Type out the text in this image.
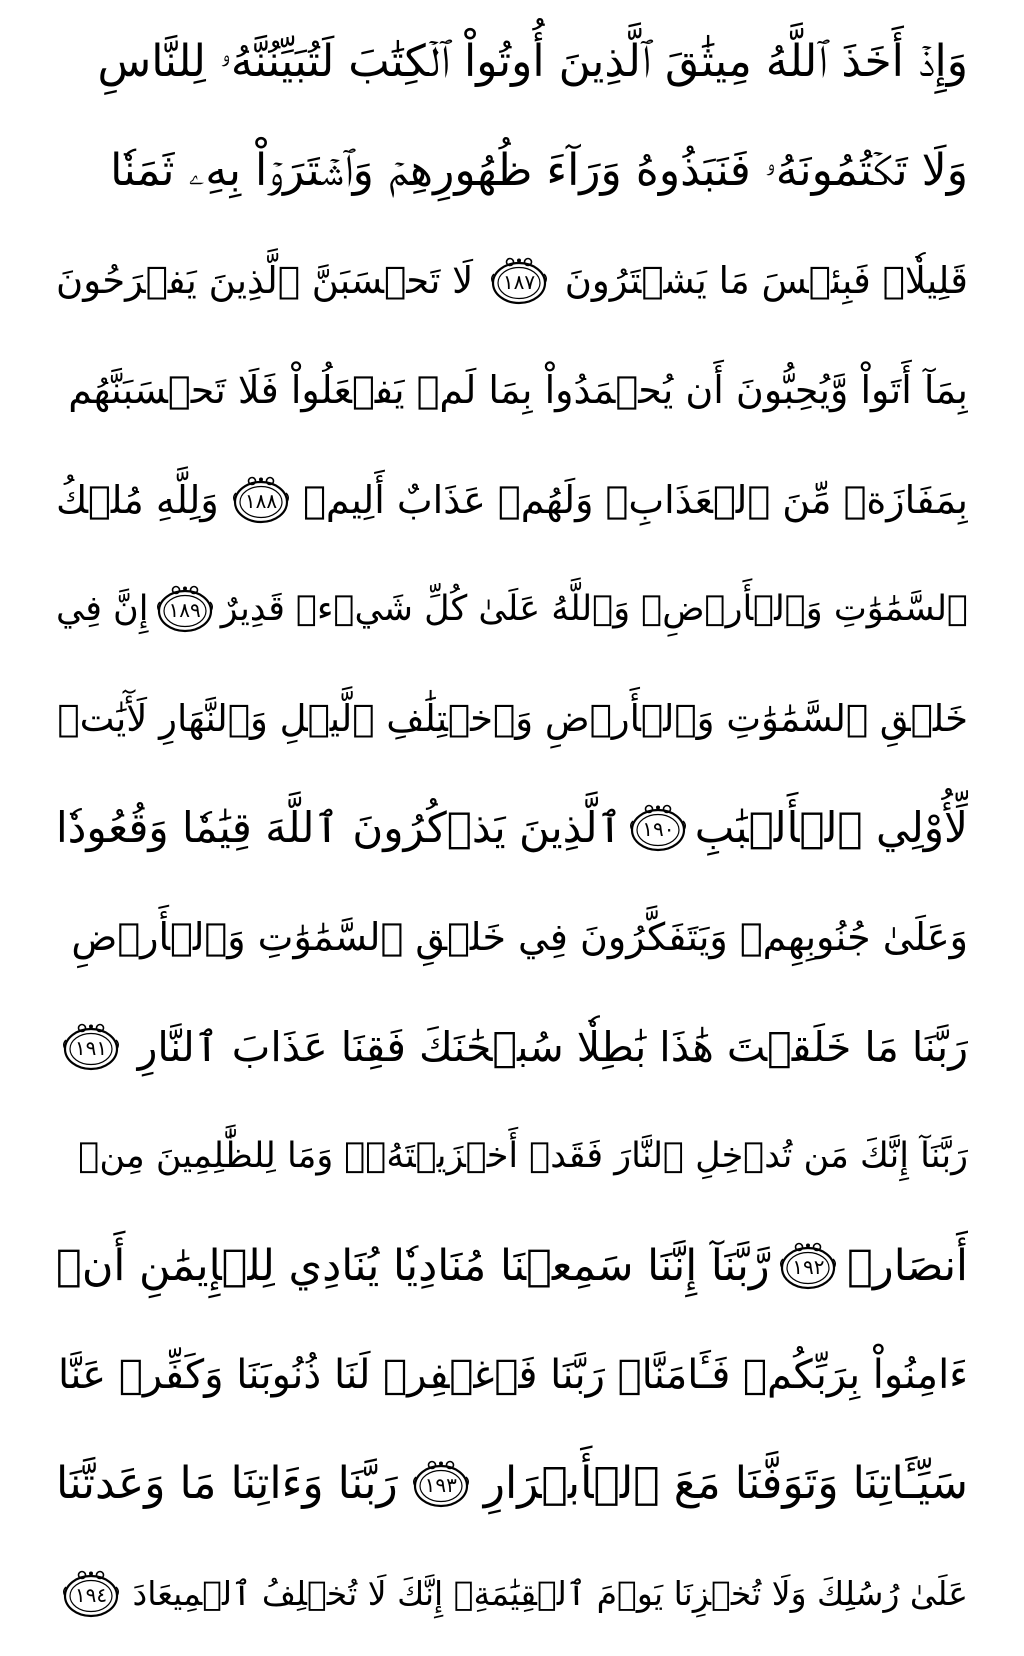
وَإِذۡ أَخَذَ ٱللَّهُ مِيثَٰقَ ٱلَّذِينَ أُوتُواْ ٱلۡكِتَٰبَ لَتُبَيِّنُنَّهُۥ لِلنَّاسِ
وَلَا تَكۡتُمُونَهُۥ فَنَبَذُوهُ وَرَآءَ ظُهُورِهِمۡ وَٱشۡتَرَوۡاْ بِهِۦ ثَمَنٗا
قَلِيلٗاۖ فَبِئۡسَ مَا يَشۡتَرُونَ
١٨٧
لَا تَحۡسَبَنَّ ٱلَّذِينَ يَفۡرَحُونَ
بِمَآ أَتَواْ وَّيُحِبُّونَ أَن يُحۡمَدُواْ بِمَا لَمۡ يَفۡعَلُواْ فَلَا تَحۡسَبَنَّهُم
بِمَفَازَةٖ مِّنَ ٱلۡعَذَابِۖ وَلَهُمۡ عَذَابٌ أَلِيمٞ
١٨٨
وَلِلَّهِ مُلۡكُ
ٱلسَّمَٰوَٰتِ وَٱلۡأَرۡضِۗ وَٱللَّهُ عَلَىٰ كُلِّ شَيۡءٖ قَدِيرٌ
١٨٩
إِنَّ فِي
خَلۡقِ ٱلسَّمَٰوَٰتِ وَٱلۡأَرۡضِ وَٱخۡتِلَٰفِ ٱلَّيۡلِ وَٱلنَّهَارِ لَأٓيَٰتٖ
لِّأُوْلِي ٱلۡأَلۡبَٰبِ
١٩٠
ٱلَّذِينَ يَذۡكُرُونَ ٱللَّهَ قِيَٰمٗا وَقُعُودٗا
وَعَلَىٰ جُنُوبِهِمۡ وَيَتَفَكَّرُونَ فِي خَلۡقِ ٱلسَّمَٰوَٰتِ وَٱلۡأَرۡضِ
رَبَّنَا مَا خَلَقۡتَ هَٰذَا بَٰطِلٗا سُبۡحَٰنَكَ فَقِنَا عَذَابَ ٱلنَّارِ
١٩١
رَبَّنَآ إِنَّكَ مَن تُدۡخِلِ ٱلنَّارَ فَقَدۡ أَخۡزَيۡتَهُۥۖ وَمَا لِلظَّٰلِمِينَ مِنۡ
أَنصَارٖ
١٩٢
رَّبَّنَآ إِنَّنَا سَمِعۡنَا مُنَادِيٗا يُنَادِي لِلۡإِيمَٰنِ أَنۡ
ءَامِنُواْ بِرَبِّكُمۡ فَـَٔامَنَّاۚ رَبَّنَا فَٱغۡفِرۡ لَنَا ذُنُوبَنَا وَكَفِّرۡ عَنَّا
سَيِّـَٔاتِنَا وَتَوَفَّنَا مَعَ ٱلۡأَبۡرَارِ
١٩٣
رَبَّنَا وَءَاتِنَا مَا وَعَدتَّنَا
عَلَىٰ رُسُلِكَ وَلَا تُخۡزِنَا يَوۡمَ ٱلۡقِيَٰمَةِۗ إِنَّكَ لَا تُخۡلِفُ ٱلۡمِيعَادَ
١٩٤
